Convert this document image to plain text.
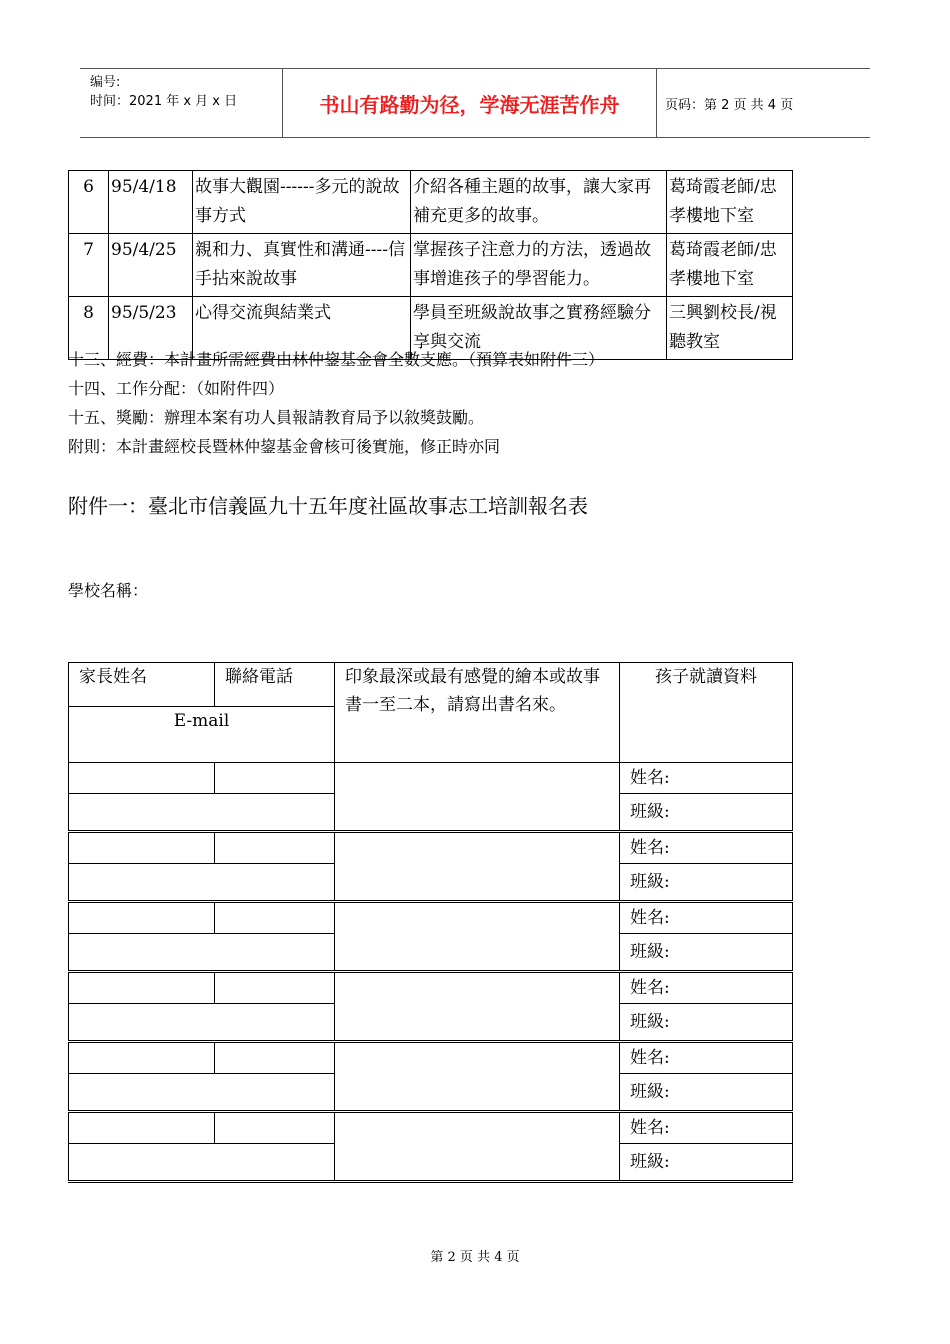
编号:
时间：2021 年 x 月 x 日	书山有路勤为径，学海无涯苦作舟	页码：第 2 页 共 4 页
6	95/4/18	故事大觀園------多元的說故事方式	介紹各種主題的故事，讓大家再補充更多的故事。	葛琦霞老師/忠孝樓地下室
7	95/4/25	親和力、真實性和溝通----信手拈來說故事	掌握孩子注意力的方法，透過故事增進孩子的學習能力。	葛琦霞老師/忠孝樓地下室
8	95/5/23	心得交流與結業式	學員至班級說故事之實務經驗分享與交流	三興劉校長/視聽教室
十三、經費：本計畫所需經費由林仲鋆基金會全數支應。（預算表如附件三）
十四、工作分配：（如附件四）
十五、獎勵：辦理本案有功人員報請教育局予以敘獎鼓勵。
附則：本計畫經校長暨林仲鋆基金會核可後實施，修正時亦同
附件一：臺北市信義區九十五年度社區故事志工培訓報名表
學校名稱：
家長姓名	聯絡電話	印象最深或最有感覺的繪本或故事書一至二本，請寫出書名來。	孩子就讀資料
E-mail			
			姓名:
			班級:
			姓名:
			班級:
			姓名:
			班級:
			姓名:
			班級:
			姓名:
			班級:
			姓名:
			班級:
第 2 页 共 4 页
